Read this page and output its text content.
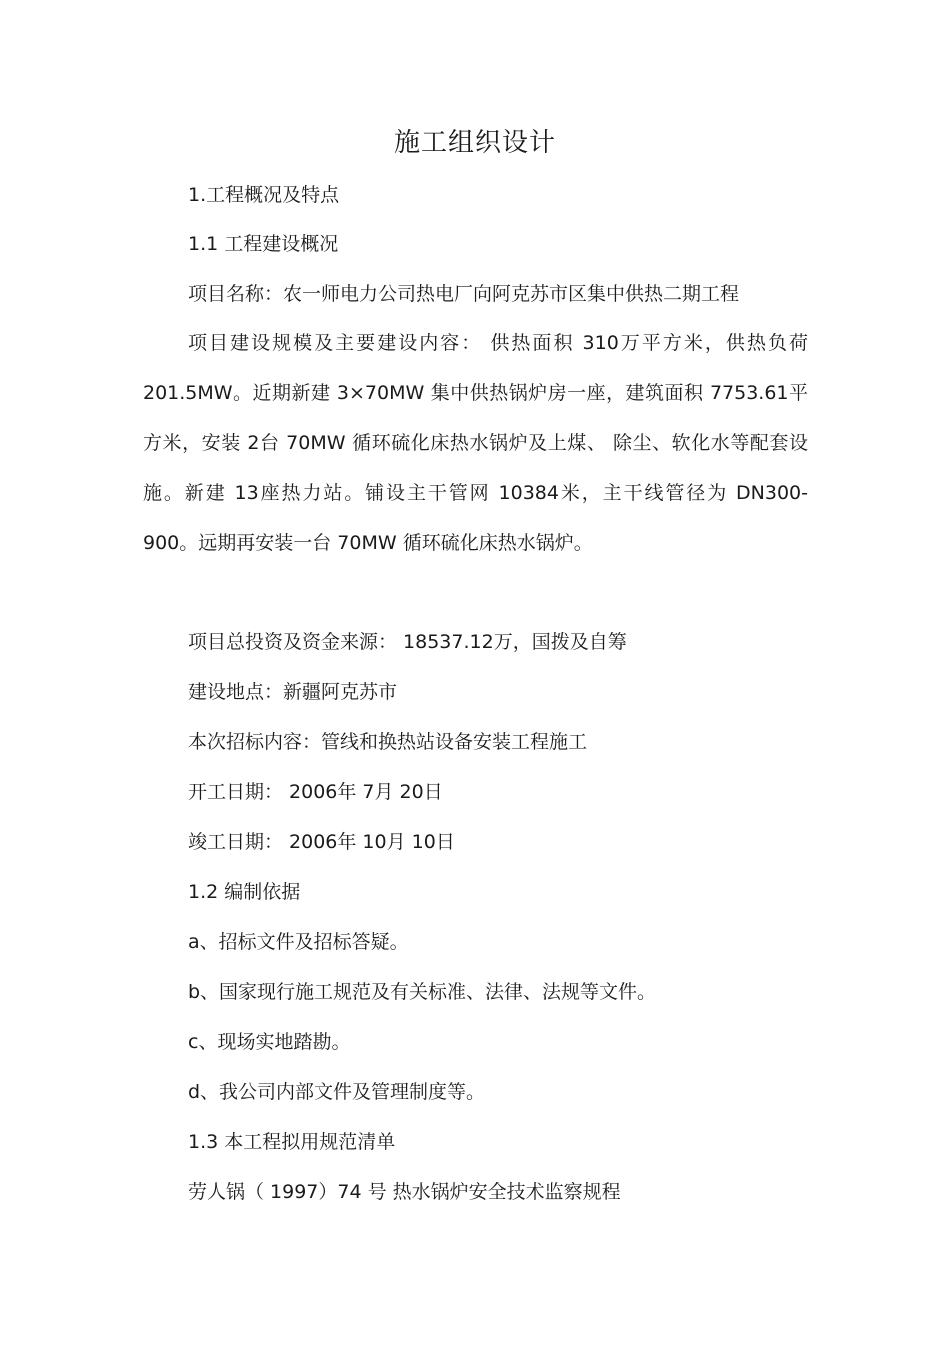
施工组织设计
1.工程概况及特点
1.1 工程建设概况
项目名称：农一师电力公司热电厂向阿克苏市区集中供热二期工程

项目建设规模及主要建设内容： 供热面积 310万平方米，供热负荷 201.5MW。近期新建 3×70MW 集中供热锅炉房一座，建筑面积 7753.61平方米，安装 2台 70MW 循环硫化床热水锅炉及上煤、 除尘、软化水等配套设施。新建 13座热力站。铺设主干管网 10384米，主干线管径为 DN300-900。远期再安装一台 70MW 循环硫化床热水锅炉。

项目总投资及资金来源： 18537.12万，国拨及自筹
建设地点：新疆阿克苏市
本次招标内容：管线和换热站设备安装工程施工
开工日期： 2006年 7月 20日
竣工日期： 2006年 10月 10日
1.2 编制依据
a、招标文件及招标答疑。
b、国家现行施工规范及有关标准、法律、法规等文件。
c、现场实地踏勘。
d、我公司内部文件及管理制度等。
1.3 本工程拟用规范清单
劳人锅（ 1997）74 号 热水锅炉安全技术监察规程
